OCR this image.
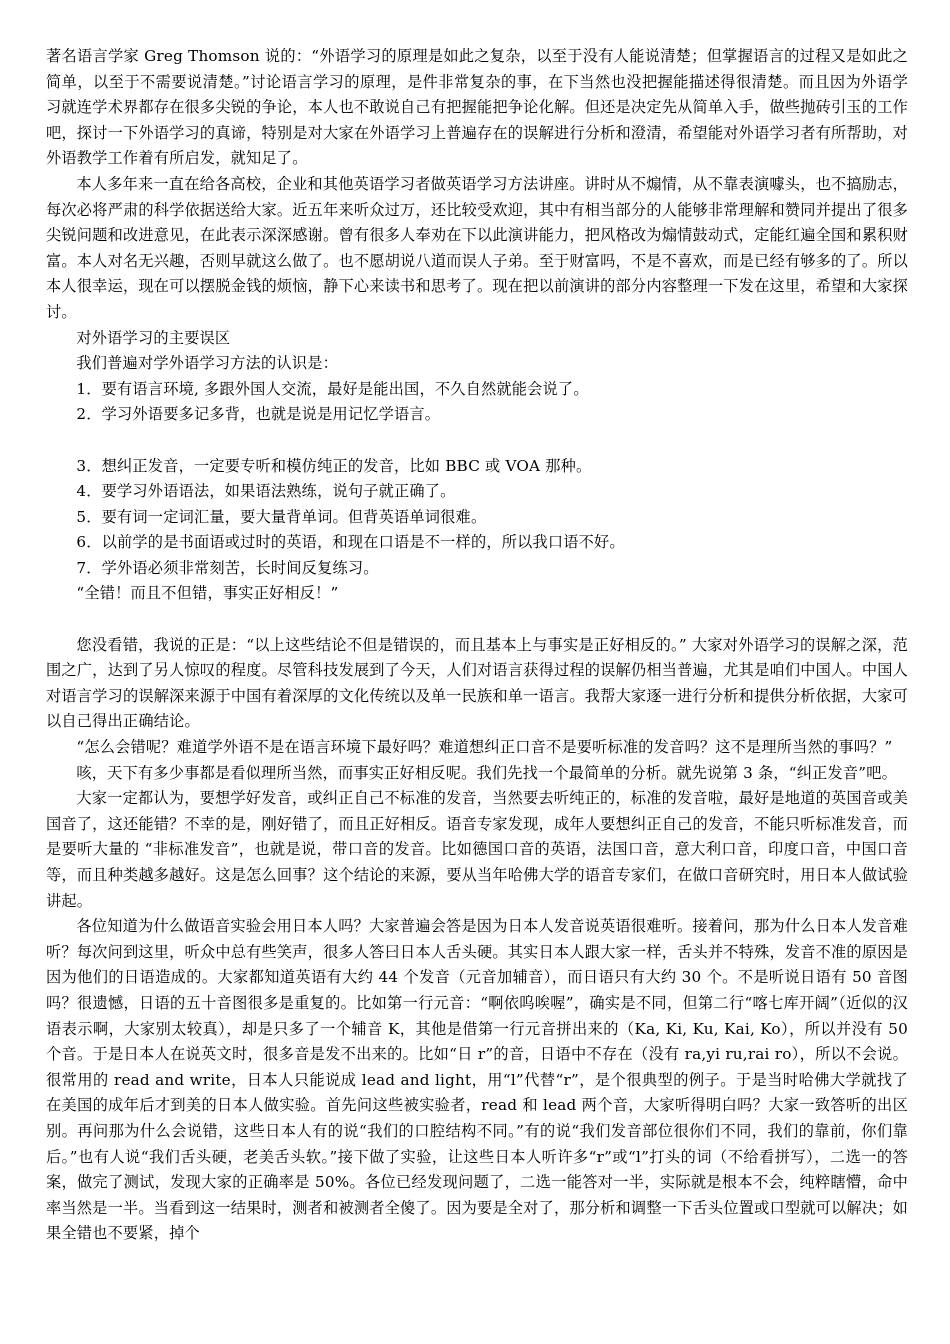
著名语言学家 Greg Thomson 说的：“外语学习的原理是如此之复杂，以至于没有人能说清楚；但掌握语言的过程又是如此之简单，以至于不需要说清楚。”讨论语言学习的原理，是件非常复杂的事，在下当然也没把握能描述得很清楚。而且因为外语学习就连学术界都存在很多尖锐的争论，本人也不敢说自己有把握能把争论化解。但还是决定先从简单入手，做些抛砖引玉的工作吧，探讨一下外语学习的真谛，特别是对大家在外语学习上普遍存在的误解进行分析和澄清，希望能对外语学习者有所帮助，对外语教学工作着有所启发，就知足了。

本人多年来一直在给各高校，企业和其他英语学习者做英语学习方法讲座。讲时从不煽情，从不靠表演噱头，也不搞励志，每次必将严肃的科学依据送给大家。近五年来听众过万，还比较受欢迎，其中有相当部分的人能够非常理解和赞同并提出了很多尖锐问题和改进意见，在此表示深深感谢。曾有很多人奉劝在下以此演讲能力，把风格改为煽情鼓动式，定能红遍全国和累积财富。本人对名无兴趣，否则早就这么做了。也不愿胡说八道而误人子弟。至于财富吗，不是不喜欢，而是已经有够多的了。所以本人很幸运，现在可以摆脱金钱的烦恼，静下心来读书和思考了。现在把以前演讲的部分内容整理一下发在这里，希望和大家探讨。

对外语学习的主要误区

我们普遍对学外语学习方法的认识是：

1．要有语言环境, 多跟外国人交流，最好是能出国，不久自然就能会说了。

2．学习外语要多记多背，也就是说是用记忆学语言。

3．想纠正发音，一定要专听和模仿纯正的发音，比如 BBC 或 VOA 那种。

4．要学习外语语法，如果语法熟练，说句子就正确了。

5．要有词一定词汇量，要大量背单词。但背英语单词很难。

6．以前学的是书面语或过时的英语，和现在口语是不一样的，所以我口语不好。

7．学外语必须非常刻苦，长时间反复练习。

“全错！而且不但错，事实正好相反！”

您没看错，我说的正是：“以上这些结论不但是错误的，而且基本上与事实是正好相反的。” 大家对外语学习的误解之深，范围之广，达到了另人惊叹的程度。尽管科技发展到了今天，人们对语言获得过程的误解仍相当普遍，尤其是咱们中国人。中国人对语言学习的误解深来源于中国有着深厚的文化传统以及单一民族和单一语言。我帮大家逐一进行分析和提供分析依据，大家可以自己得出正确结论。

“怎么会错呢？难道学外语不是在语言环境下最好吗？难道想纠正口音不是要听标准的发音吗？这不是理所当然的事吗？”

咳，天下有多少事都是看似理所当然，而事实正好相反呢。我们先找一个最简单的分析。就先说第 3 条，“纠正发音”吧。

大家一定都认为，要想学好发音，或纠正自己不标准的发音，当然要去听纯正的，标准的发音啦，最好是地道的英国音或美国音了，这还能错？不幸的是，刚好错了，而且正好相反。语音专家发现，成年人要想纠正自己的发音，不能只听标准发音，而是要听大量的 “非标准发音”，也就是说，带口音的发音。比如德国口音的英语，法国口音，意大利口音，印度口音，中国口音等，而且种类越多越好。这是怎么回事？这个结论的来源，要从当年哈佛大学的语音专家们，在做口音研究时，用日本人做试验讲起。

各位知道为什么做语音实验会用日本人吗？大家普遍会答是因为日本人发音说英语很难听。接着问，那为什么日本人发音难听？每次问到这里，听众中总有些笑声，很多人答曰日本人舌头硬。其实日本人跟大家一样，舌头并不特殊，发音不准的原因是因为他们的日语造成的。大家都知道英语有大约 44 个发音（元音加辅音），而日语只有大约 30 个。不是听说日语有 50 音图吗？很遗憾，日语的五十音图很多是重复的。比如第一行元音：“啊依呜唉喔”，确实是不同，但第二行“喀七库开阔”（近似的汉语表示啊，大家别太较真），却是只多了一个辅音 K，其他是借第一行元音拼出来的（Ka, Ki, Ku, Kai, Ko），所以并没有 50 个音。于是日本人在说英文时，很多音是发不出来的。比如“日 r”的音，日语中不存在（没有 ra,yi ru,rai ro），所以不会说。很常用的 read and write，日本人只能说成 lead and light，用“l”代替“r”，是个很典型的例子。于是当时哈佛大学就找了在美国的成年后才到美的日本人做实验。首先问这些被实验者，read 和 lead 两个音，大家听得明白吗？大家一致答听的出区别。再问那为什么会说错，这些日本人有的说“我们的口腔结构不同。”有的说“我们发音部位很你们不同，我们的靠前，你们靠后。”也有人说“我们舌头硬，老美舌头软。”接下做了实验，让这些日本人听许多“r”或“l”打头的词（不给看拼写），二选一的答案，做完了测试，发现大家的正确率是 50%。各位已经发现问题了，二选一能答对一半，实际就是根本不会，纯粹瞎懵，命中率当然是一半。当看到这一结果时，测者和被测者全傻了。因为要是全对了，那分析和调整一下舌头位置或口型就可以解决；如果全错也不要紧，掉个
